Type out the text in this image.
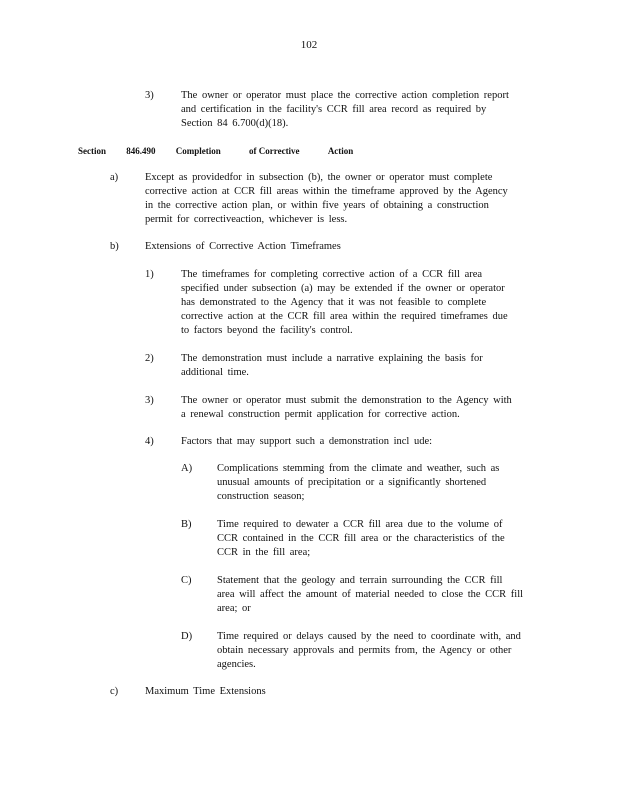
102
3)	The owner or operator must place the corrective action completion report
and certification in the facility's CCR fill area record as required by
Section 84 6.700(d)(18).
Section 846.490 Completion	of Corrective	Action
a)	Except as providedfor in subsection (b), the owner or operator must complete
corrective action at CCR fill areas within the timeframe approved by the Agency
in the corrective action plan, or within five years of obtaining a construction
permit for correctiveaction, whichever is less.
b)	Extensions of Corrective Action Timeframes
1)	The timeframes for completing corrective action of a CCR fill area
specified under subsection (a) may be extended if the owner or operator
has demonstrated to the Agency that it was not feasible to complete
corrective action at the CCR fill area within the required timeframes due
to factors beyond the facility's control.
2)	The demonstration must include a narrative explaining the basis for
additional time.
3)	The owner or operator must submit the demonstration to the Agency with
a renewal construction permit application for corrective action.
4)	Factors that may support such a demonstration incl ude:
A) Complications stemming from the climate and weather, such as
unusual amounts of precipitation or a significantly shortened
construction season;
B) Time required to dewater a CCR fill area due to the volume of
CCR contained in the CCR fill area or the characteristics of the
CCR in the fill area;
C) Statement that the geology and terrain surrounding the CCR fill
area will affect the amount of material needed to close the CCR fill
area; or
D) Time required or delays caused by the need to coordinate with, and
obtain necessary approvals and permits from, the Agency or other
agencies.
c)	Maximum Time Extensions
